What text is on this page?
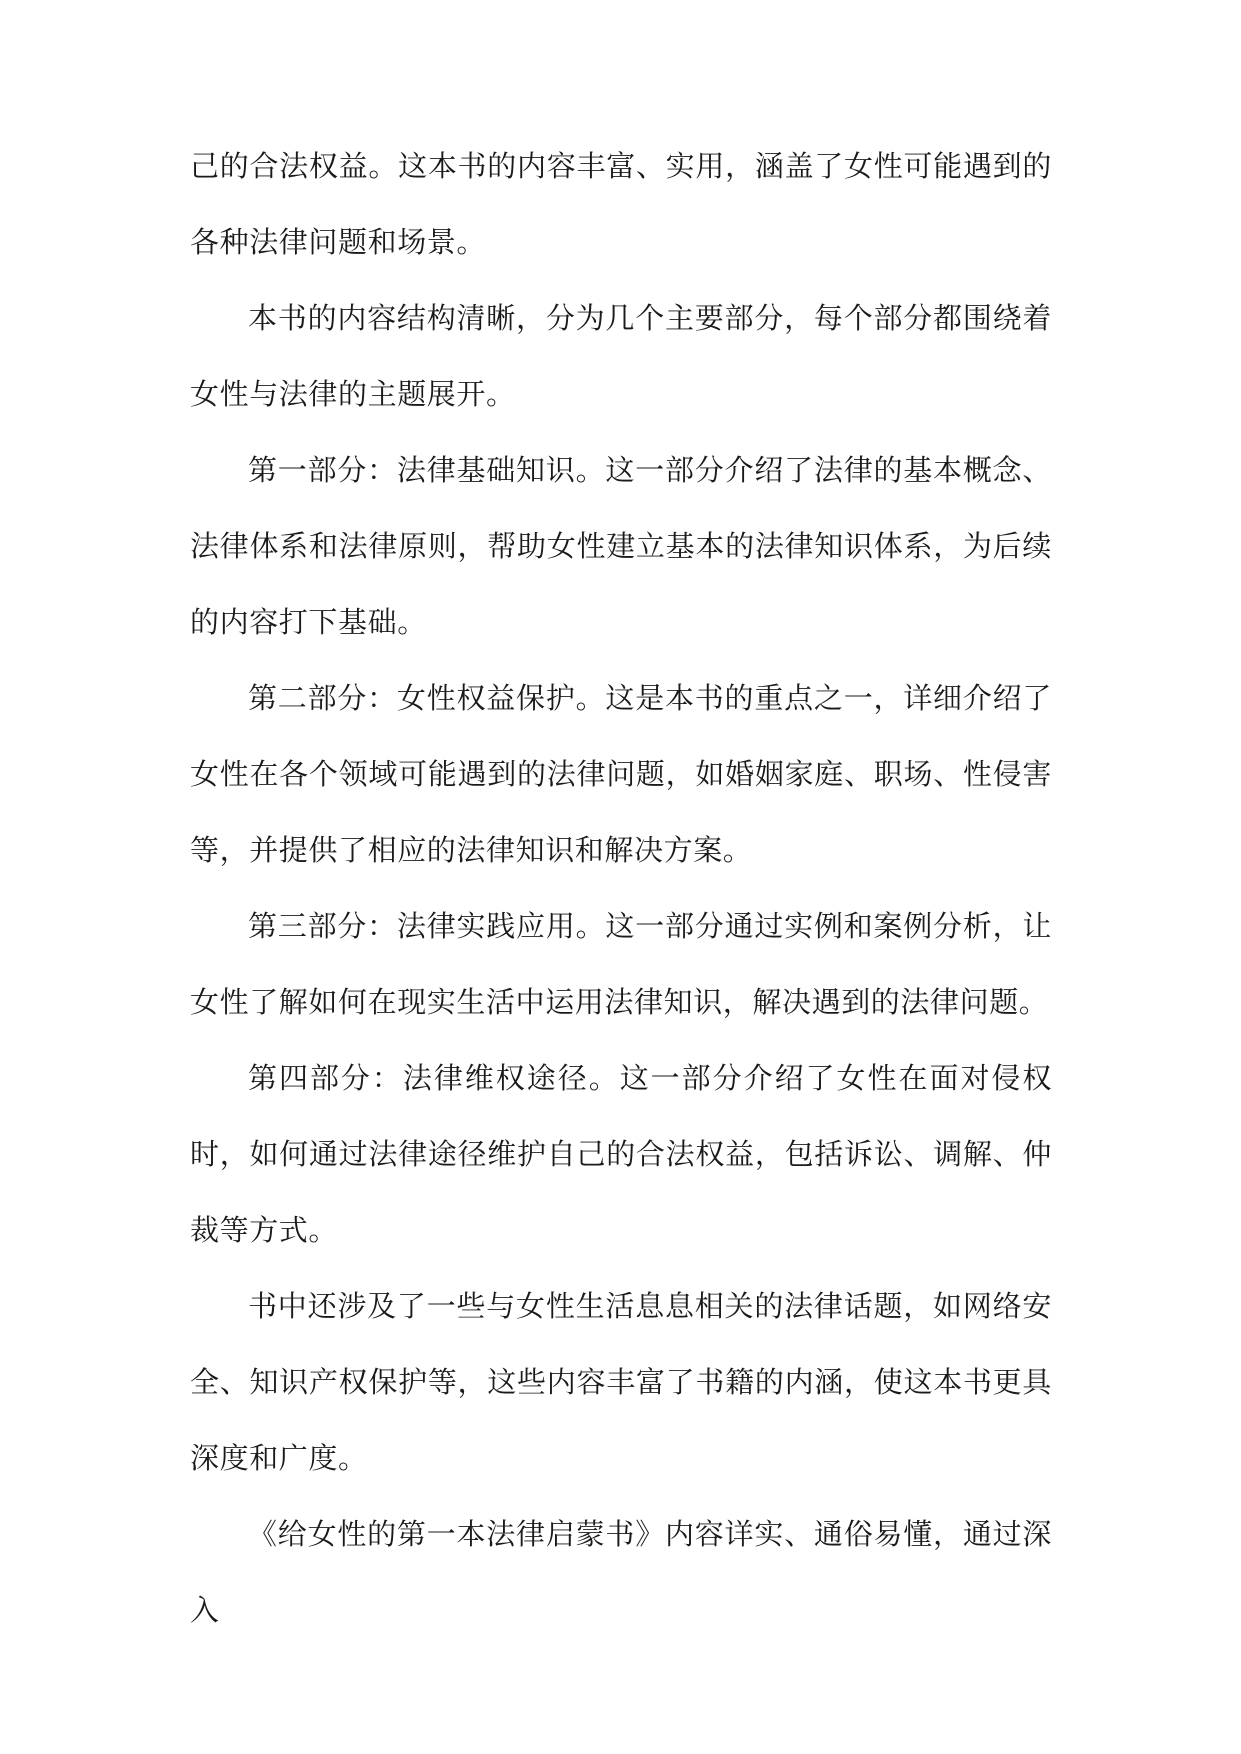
己的合法权益。这本书的内容丰富、实用，涵盖了女性可能遇到的各种法律问题和场景。

本书的内容结构清晰，分为几个主要部分，每个部分都围绕着女性与法律的主题展开。

第一部分：法律基础知识。这一部分介绍了法律的基本概念、法律体系和法律原则，帮助女性建立基本的法律知识体系，为后续的内容打下基础。

第二部分：女性权益保护。这是本书的重点之一，详细介绍了女性在各个领域可能遇到的法律问题，如婚姻家庭、职场、性侵害等，并提供了相应的法律知识和解决方案。

第三部分：法律实践应用。这一部分通过实例和案例分析，让女性了解如何在现实生活中运用法律知识，解决遇到的法律问题。

第四部分：法律维权途径。这一部分介绍了女性在面对侵权时，如何通过法律途径维护自己的合法权益，包括诉讼、调解、仲裁等方式。

书中还涉及了一些与女性生活息息相关的法律话题，如网络安全、知识产权保护等，这些内容丰富了书籍的内涵，使这本书更具深度和广度。

《给女性的第一本法律启蒙书》内容详实、通俗易懂，通过深入
